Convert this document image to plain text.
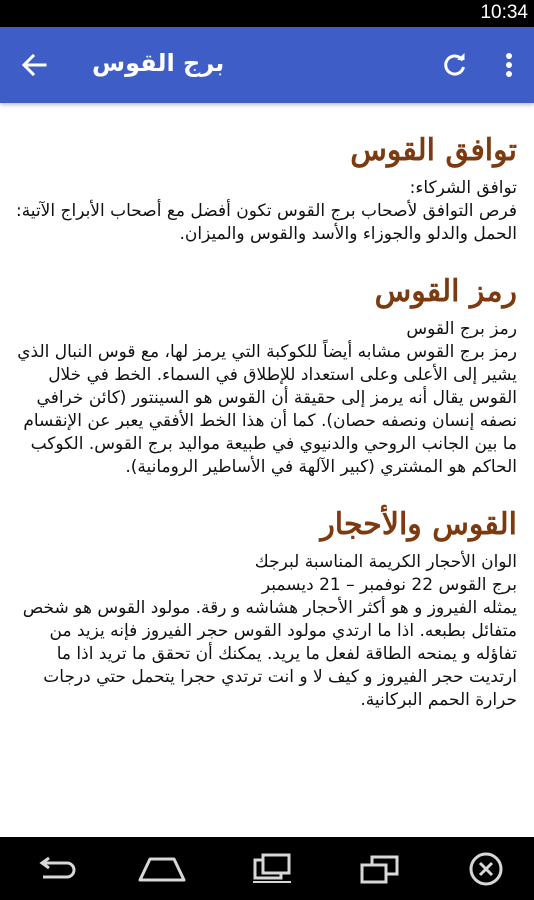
10:34
برج القوس
توافق القوس

توافق الشركاء:
فرص التوافق لأصحاب برج القوس تكون أفضل مع أصحاب الأبراج الآتية: الحمل والدلو والجوزاء والأسد والقوس والميزان.

رمز القوس

رمز برج القوس
رمز برج القوس مشابه أيضاً للكوكبة التي يرمز لها، مع قوس النبال الذي يشير إلى الأعلى وعلى استعداد للإطلاق في السماء. الخط في خلال القوس يقال أنه يرمز إلى حقيقة أن القوس هو السينتور (كائن خرافي نصفه إنسان ونصفه حصان). كما أن هذا الخط الأفقي يعبر عن الإنقسام ما بين الجانب الروحي والدنيوي في طبيعة مواليد برج القوس. الكوكب الحاكم هو المشتري (كبير الآلهة في الأساطير الرومانية).

القوس والأحجار

الوان الأحجار الكريمة المناسبة لبرجك
برج القوس 22 نوفمبر – 21 ديسمبر
يمثله الفيروز و هو أكثر الأحجار هشاشه و رقة. مولود القوس هو شخص متفائل بطبعه. اذا ما ارتدي مولود القوس حجر الفيروز فإنه يزيد من تفاؤله و يمنحه الطاقة لفعل ما يريد. يمكنك أن تحقق ما تريد اذا ما ارتديت حجر الفيروز و كيف لا و انت ترتدي حجرا يتحمل حتي درجات حرارة الحمم البركانية.
